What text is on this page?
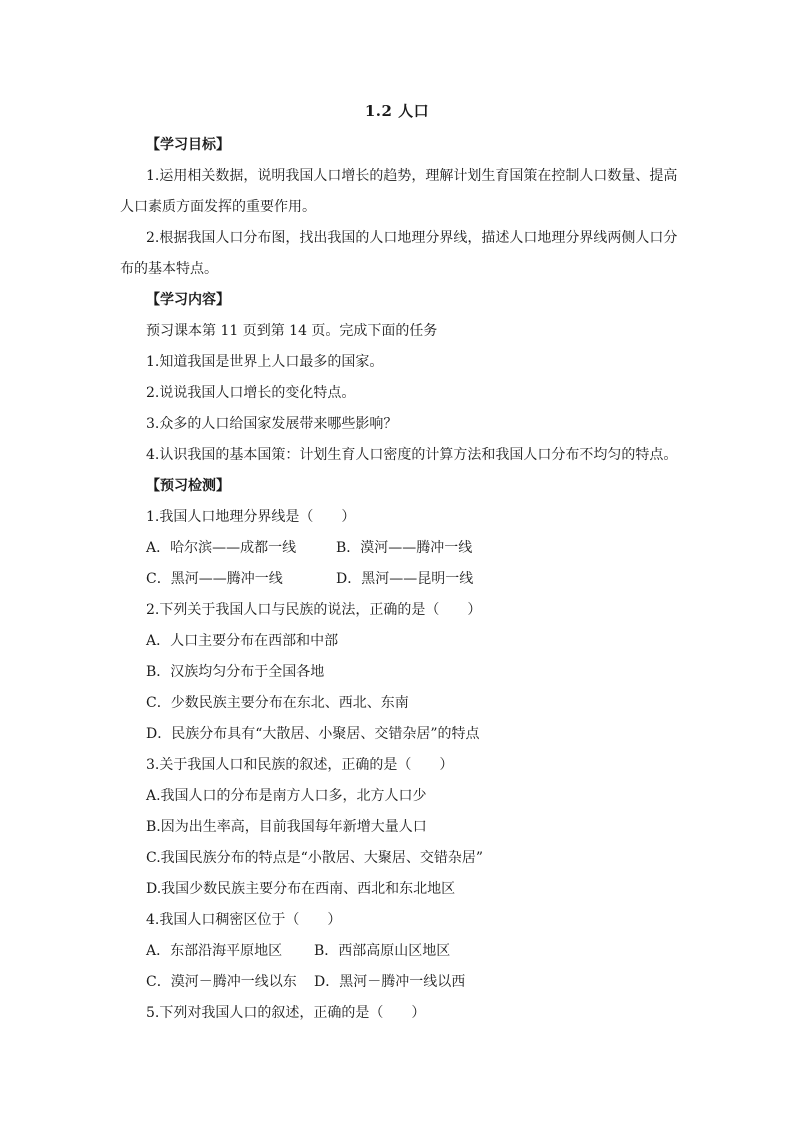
1.2 人口
【学习目标】
1.运用相关数据，说明我国人口增长的趋势，理解计划生育国策在控制人口数量、提高
人口素质方面发挥的重要作用。
2.根据我国人口分布图，找出我国的人口地理分界线，描述人口地理分界线两侧人口分
布的基本特点。
【学习内容】
预习课本第 11 页到第 14 页。完成下面的任务
1.知道我国是世界上人口最多的国家。
2.说说我国人口增长的变化特点。
3.众多的人口给国家发展带来哪些影响？
4.认识我国的基本国策：计划生育人口密度的计算方法和我国人口分布不均匀的特点。
【预习检测】
1.我国人口地理分界线是（　　）
A．哈尔滨——成都一线	B．漠河——腾冲一线
C．黑河——腾冲一线	D．黑河——昆明一线
2.下列关于我国人口与民族的说法，正确的是（　　）
A．人口主要分布在西部和中部
B．汉族均匀分布于全国各地
C．少数民族主要分布在东北、西北、东南
D．民族分布具有“大散居、小聚居、交错杂居”的特点
3.关于我国人口和民族的叙述，正确的是（　　）
A.我国人口的分布是南方人口多，北方人口少
B.因为出生率高，目前我国每年新增大量人口
C.我国民族分布的特点是“小散居、大聚居、交错杂居”
D.我国少数民族主要分布在西南、西北和东北地区
4.我国人口稠密区位于（　　）
A．东部沿海平原地区 B．西部高原山区地区
C．漠河－腾冲一线以东 D．黑河－腾冲一线以西
5.下列对我国人口的叙述，正确的是（　　）
